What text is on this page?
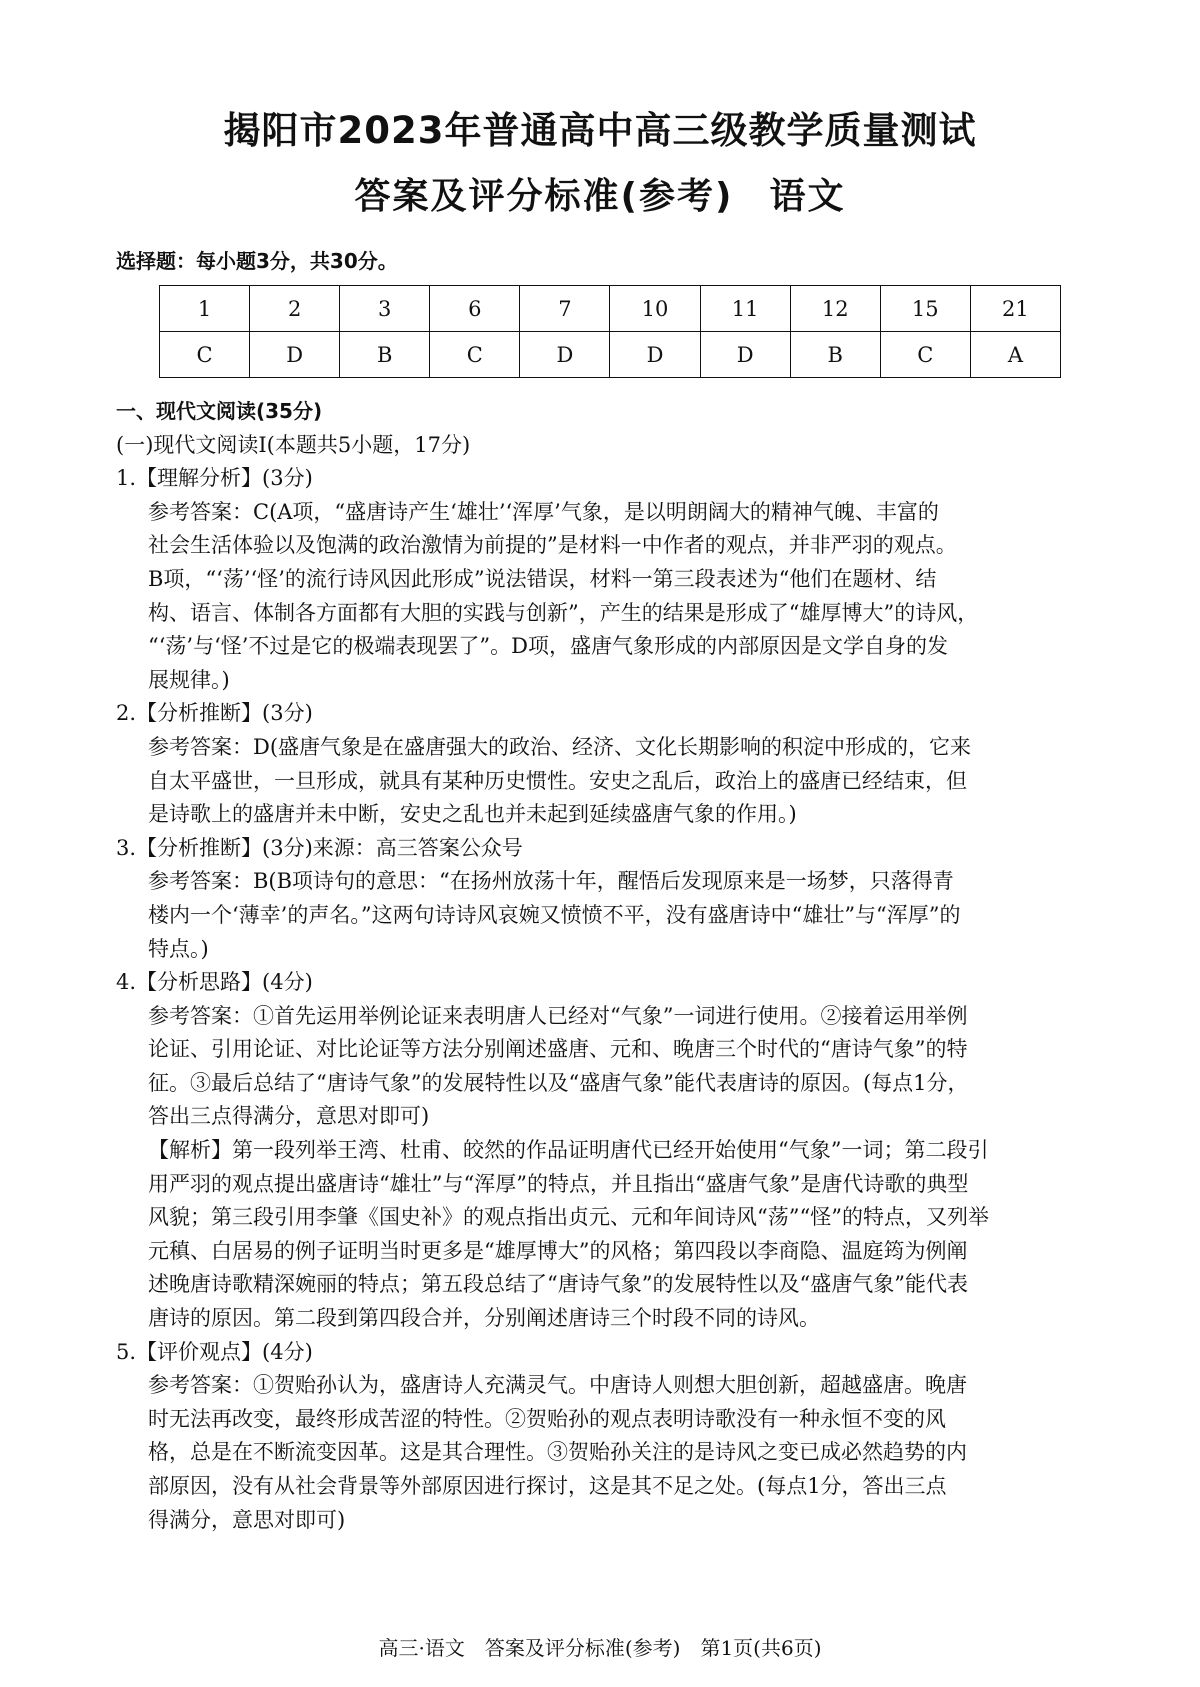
揭阳市2023年普通高中高三级教学质量测试
答案及评分标准(参考) 语文
选择题：每小题3分，共30分。
1	2	3	6	7	10	11	12	15	21
C	D	B	C	D	D	D	B	C	A
一、现代文阅读(35分)
(一)现代文阅读Ⅰ(本题共5小题，17分)
1.【理解分析】(3分)
参考答案：C(A项，“盛唐诗产生‘雄壮’‘浑厚’气象，是以明朗阔大的精神气魄、丰富的
社会生活体验以及饱满的政治激情为前提的”是材料一中作者的观点，并非严羽的观点。
B项，“‘荡’‘怪’的流行诗风因此形成”说法错误，材料一第三段表述为“他们在题材、结
构、语言、体制各方面都有大胆的实践与创新”，产生的结果是形成了“雄厚博大”的诗风，
“‘荡’与‘怪’不过是它的极端表现罢了”。D项，盛唐气象形成的内部原因是文学自身的发
展规律。)
2.【分析推断】(3分)
参考答案：D(盛唐气象是在盛唐强大的政治、经济、文化长期影响的积淀中形成的，它来
自太平盛世，一旦形成，就具有某种历史惯性。安史之乱后，政治上的盛唐已经结束，但
是诗歌上的盛唐并未中断，安史之乱也并未起到延续盛唐气象的作用。)
3.【分析推断】(3分)来源：高三答案公众号
参考答案：B(B项诗句的意思：“在扬州放荡十年，醒悟后发现原来是一场梦，只落得青
楼内一个‘薄幸’的声名。”这两句诗诗风哀婉又愤愤不平，没有盛唐诗中“雄壮”与“浑厚”的
特点。)
4.【分析思路】(4分)
参考答案：①首先运用举例论证来表明唐人已经对“气象”一词进行使用。②接着运用举例
论证、引用论证、对比论证等方法分别阐述盛唐、元和、晚唐三个时代的“唐诗气象”的特
征。③最后总结了“唐诗气象”的发展特性以及“盛唐气象”能代表唐诗的原因。(每点1分，
答出三点得满分，意思对即可)
【解析】第一段列举王湾、杜甫、皎然的作品证明唐代已经开始使用“气象”一词；第二段引
用严羽的观点提出盛唐诗“雄壮”与“浑厚”的特点，并且指出“盛唐气象”是唐代诗歌的典型
风貌；第三段引用李肇《国史补》的观点指出贞元、元和年间诗风“荡”“怪”的特点，又列举
元稹、白居易的例子证明当时更多是“雄厚博大”的风格；第四段以李商隐、温庭筠为例阐
述晚唐诗歌精深婉丽的特点；第五段总结了“唐诗气象”的发展特性以及“盛唐气象”能代表
唐诗的原因。第二段到第四段合并，分别阐述唐诗三个时段不同的诗风。
5.【评价观点】(4分)
参考答案：①贺贻孙认为，盛唐诗人充满灵气。中唐诗人则想大胆创新，超越盛唐。晚唐
时无法再改变，最终形成苦涩的特性。②贺贻孙的观点表明诗歌没有一种永恒不变的风
格，总是在不断流变因革。这是其合理性。③贺贻孙关注的是诗风之变已成必然趋势的内
部原因，没有从社会背景等外部原因进行探讨，这是其不足之处。(每点1分，答出三点
得满分，意思对即可)
高三·语文　答案及评分标准(参考)　第1页(共6页)
